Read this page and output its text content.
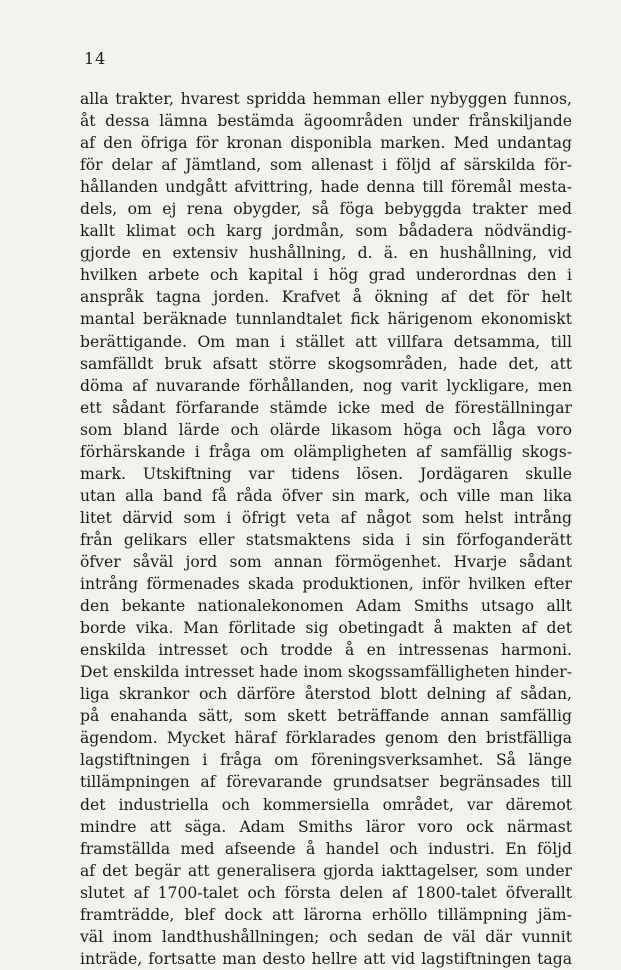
14
alla trakter, hvarest spridda hemman eller nybyggen funnos,
åt dessa lämna bestämda ägoområden under frånskiljande
af den öfriga för kronan disponibla marken. Med undantag
för delar af Jämtland, som allenast i följd af särskilda för-
hållanden undgått afvittring, hade denna till föremål mesta-
dels, om ej rena obygder, så föga bebyggda trakter med
kallt klimat och karg jordmån, som bådadera nödvändig-
gjorde en extensiv hushållning, d. ä. en hushållning, vid
hvilken arbete och kapital i hög grad underordnas den i
anspråk tagna jorden. Krafvet å ökning af det för helt
mantal beräknade tunnlandtalet fick härigenom ekonomiskt
berättigande. Om man i stället att villfara detsamma, till
samfälldt bruk afsatt större skogsområden, hade det, att
döma af nuvarande förhållanden, nog varit lyckligare, men
ett sådant förfarande stämde icke med de föreställningar
som bland lärde och olärde likasom höga och låga voro
förhärskande i fråga om olämpligheten af samfällig skogs-
mark. Utskiftning var tidens lösen. Jordägaren skulle
utan alla band få råda öfver sin mark, och ville man lika
litet därvid som i öfrigt veta af något som helst intrång
från gelikars eller statsmaktens sida i sin förfoganderätt
öfver såväl jord som annan förmögenhet. Hvarje sådant
intrång förmenades skada produktionen, inför hvilken efter
den bekante nationalekonomen Adam Smiths utsago allt
borde vika. Man förlitade sig obetingadt å makten af det
enskilda intresset och trodde å en intressenas harmoni.
Det enskilda intresset hade inom skogssamfälligheten hinder-
liga skrankor och därföre återstod blott delning af sådan,
på enahanda sätt, som skett beträffande annan samfällig
ägendom. Mycket häraf förklarades genom den bristfälliga
lagstiftningen i fråga om föreningsverksamhet. Så länge
tillämpningen af förevarande grundsatser begränsades till
det industriella och kommersiella området, var däremot
mindre att säga. Adam Smiths läror voro ock närmast
framställda med afseende å handel och industri. En följd
af det begär att generalisera gjorda iakttagelser, som under
slutet af 1700-talet och första delen af 1800-talet öfverallt
framträdde, blef dock att lärorna erhöllo tillämpning jäm-
väl inom landthushållningen; och sedan de väl där vunnit
inträde, fortsatte man desto hellre att vid lagstiftningen taga
